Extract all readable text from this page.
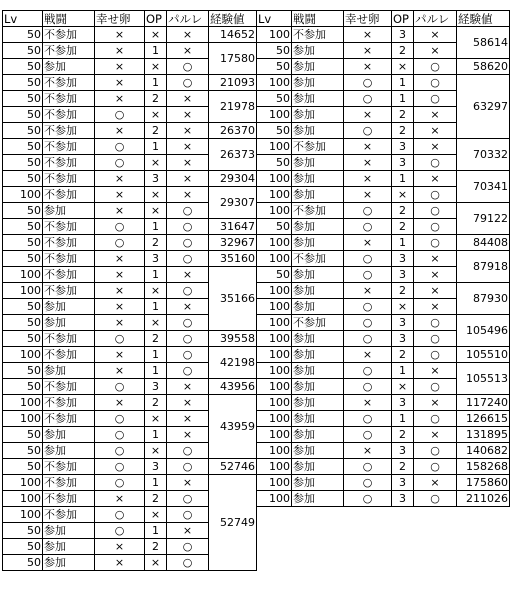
Lv	戦闘	幸せ卵	OP	パルレ	経験値
50	不参加	×	×	×	14652
50	不参加	×	1	×	17580
50	参加	×	×	○	
50	不参加	×	1	○	21093
50	不参加	×	2	×	21978
50	不参加	○	×	×	
50	不参加	×	2	×	26370
50	不参加	○	1	×	26373
50	不参加	○	×	×	
50	不参加	×	3	×	29304
100	不参加	×	×	×	29307
50	参加	×	×	○	
50	不参加	○	1	○	31647
50	不参加	○	2	○	32967
50	不参加	×	3	○	35160
100	不参加	×	1	×	35166
100	不参加	×	×	○	
50	参加	×	1	×	
50	参加	×	×	○	
50	不参加	○	2	○	39558
100	不参加	×	1	○	42198
50	参加	×	1	○	
50	不参加	○	3	×	43956
100	不参加	×	2	×	43959
100	不参加	○	×	×	
50	参加	○	1	×	
50	参加	○	×	○	
50	不参加	○	3	○	52746
100	不参加	○	1	×	52749
100	不参加	×	2	○	
100	不参加	○	×	○	
50	参加	○	1	×	
50	参加	×	2	○	
50	参加	×	×	○	
Lv	戦闘	幸せ卵	OP	パルレ	経験値
100	不参加	×	3	×	58614
50	参加	×	2	×	
50	参加	×	×	○	58620
100	参加	○	1	○	63297
50	参加	○	1	○	
100	参加	×	2	×	
50	参加	○	2	×	
100	不参加	×	3	×	70332
50	参加	×	3	○	
100	参加	×	1	×	70341
100	参加	×	×	○	
100	不参加	○	2	○	79122
50	参加	○	2	○	
100	参加	×	1	○	84408
100	不参加	○	3	×	87918
50	参加	○	3	×	
100	参加	×	2	×	87930
100	参加	○	×	×	
100	不参加	○	3	○	105496
100	参加	○	3	○	
100	参加	×	2	○	105510
100	参加	○	1	×	105513
100	参加	○	×	○	
100	参加	×	3	×	117240
100	参加	○	1	○	126615
100	参加	○	2	×	131895
100	参加	×	3	○	140682
100	参加	○	2	○	158268
100	参加	○	3	×	175860
100	参加	○	3	○	211026
